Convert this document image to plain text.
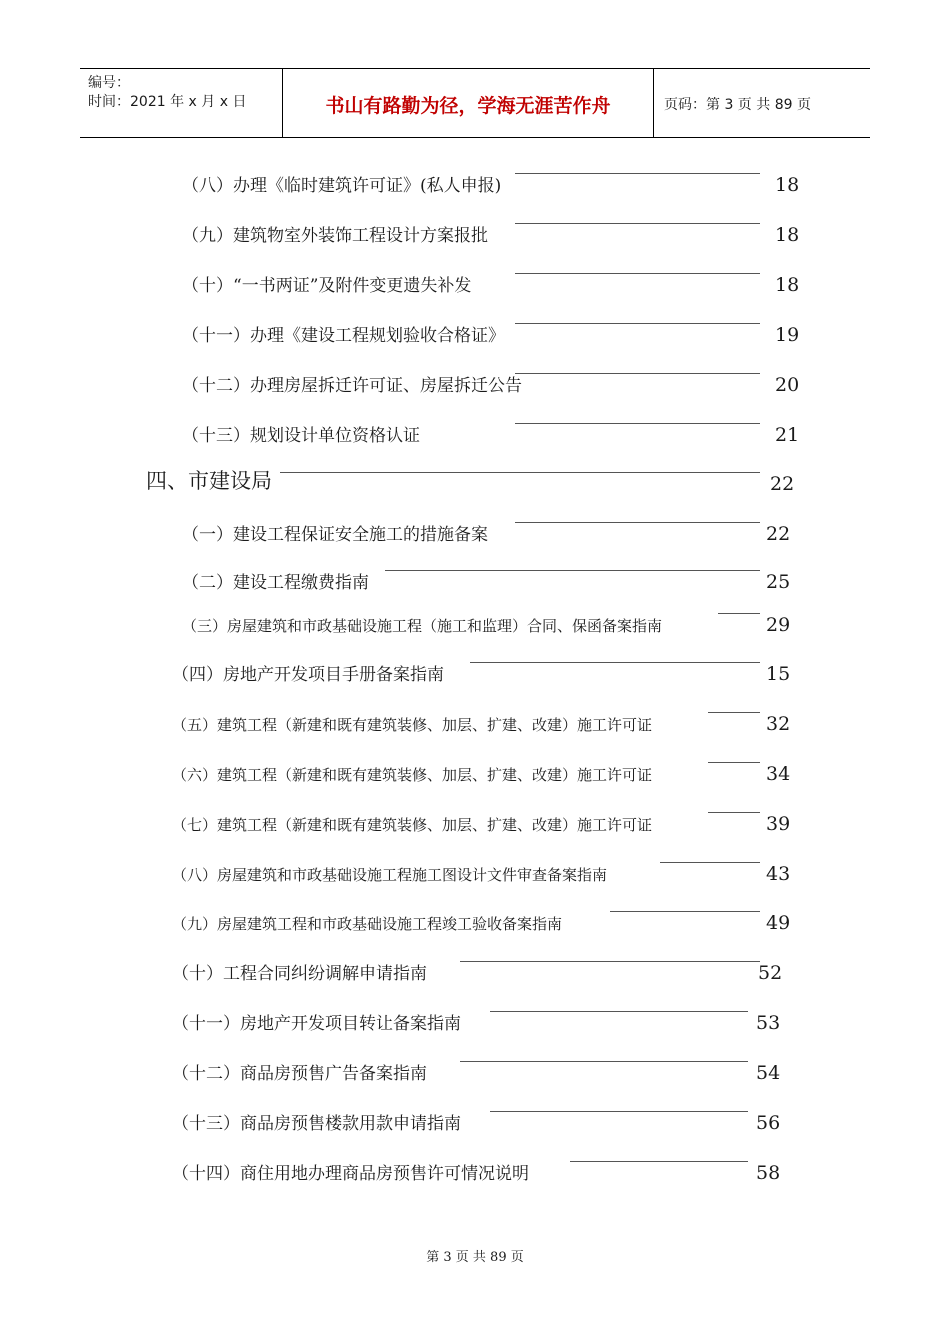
编号：
时间：2021 年 x 月 x 日	书山有路勤为径，学海无涯苦作舟	页码：第 3 页 共 89 页
（八）办理《临时建筑许可证》(私人申报)	18
（九）建筑物室外装饰工程设计方案报批	18
（十）“一书两证”及附件变更遗失补发	18
（十一）办理《建设工程规划验收合格证》	19
（十二）办理房屋拆迁许可证、房屋拆迁公告	20
（十三）规划设计单位资格认证	21
四、市建设局	22
（一）建设工程保证安全施工的措施备案	22
（二）建设工程缴费指南	25
（三）房屋建筑和市政基础设施工程（施工和监理）合同、保函备案指南	29
（四）房地产开发项目手册备案指南	15
（五）建筑工程（新建和既有建筑装修、加层、扩建、改建）施工许可证	32
（六）建筑工程（新建和既有建筑装修、加层、扩建、改建）施工许可证	34
（七）建筑工程（新建和既有建筑装修、加层、扩建、改建）施工许可证	39
（八）房屋建筑和市政基础设施工程施工图设计文件审查备案指南	43
（九）房屋建筑工程和市政基础设施工程竣工验收备案指南	49
（十）工程合同纠纷调解申请指南	52
（十一）房地产开发项目转让备案指南	53
（十二）商品房预售广告备案指南	54
（十三）商品房预售楼款用款申请指南	56
（十四）商住用地办理商品房预售许可情况说明	58
第 3 页 共 89 页
